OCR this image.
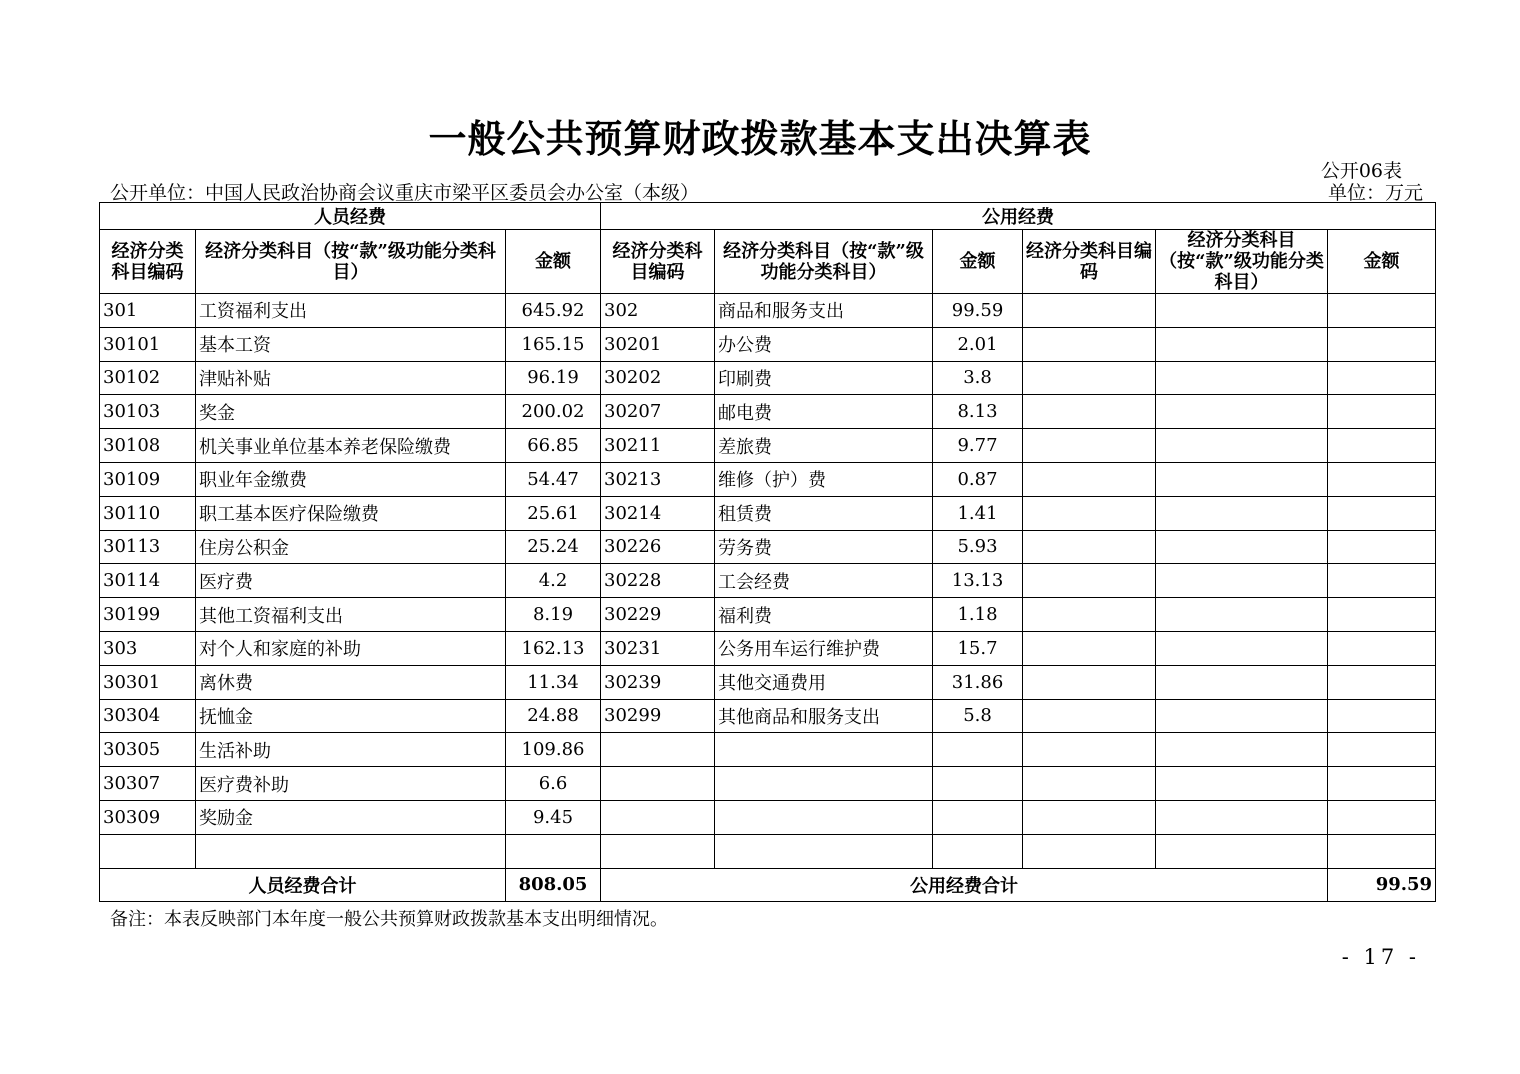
一般公共预算财政拨款基本支出决算表
公开06表
公开单位：中国人民政治协商会议重庆市梁平区委员会办公室（本级）	单位：万元
人员经费			公用经费					
经济分类科目编码	经济分类科目（按“款”级功能分类科目）	金额	经济分类科目编码	经济分类科目（按“款”级功能分类科目）	金额	经济分类科目编码	经济分类科目（按“款”级功能分类科目）	金额
301	工资福利支出	645.92	302	商品和服务支出	99.59			
30101	基本工资	165.15	30201	办公费	2.01			
30102	津贴补贴	96.19	30202	印刷费	3.8			
30103	奖金	200.02	30207	邮电费	8.13			
30108	机关事业单位基本养老保险缴费	66.85	30211	差旅费	9.77			
30109	职业年金缴费	54.47	30213	维修（护）费	0.87			
30110	职工基本医疗保险缴费	25.61	30214	租赁费	1.41			
30113	住房公积金	25.24	30226	劳务费	5.93			
30114	医疗费	4.2	30228	工会经费	13.13			
30199	其他工资福利支出	8.19	30229	福利费	1.18			
303	对个人和家庭的补助	162.13	30231	公务用车运行维护费	15.7			
30301	离休费	11.34	30239	其他交通费用	31.86			
30304	抚恤金	24.88	30299	其他商品和服务支出	5.8			
30305	生活补助	109.86						
30307	医疗费补助	6.6						
30309	奖励金	9.45						

人员经费合计		808.05	公用经费合计					99.59
备注：本表反映部门本年度一般公共预算财政拨款基本支出明细情况。
- 17 -
